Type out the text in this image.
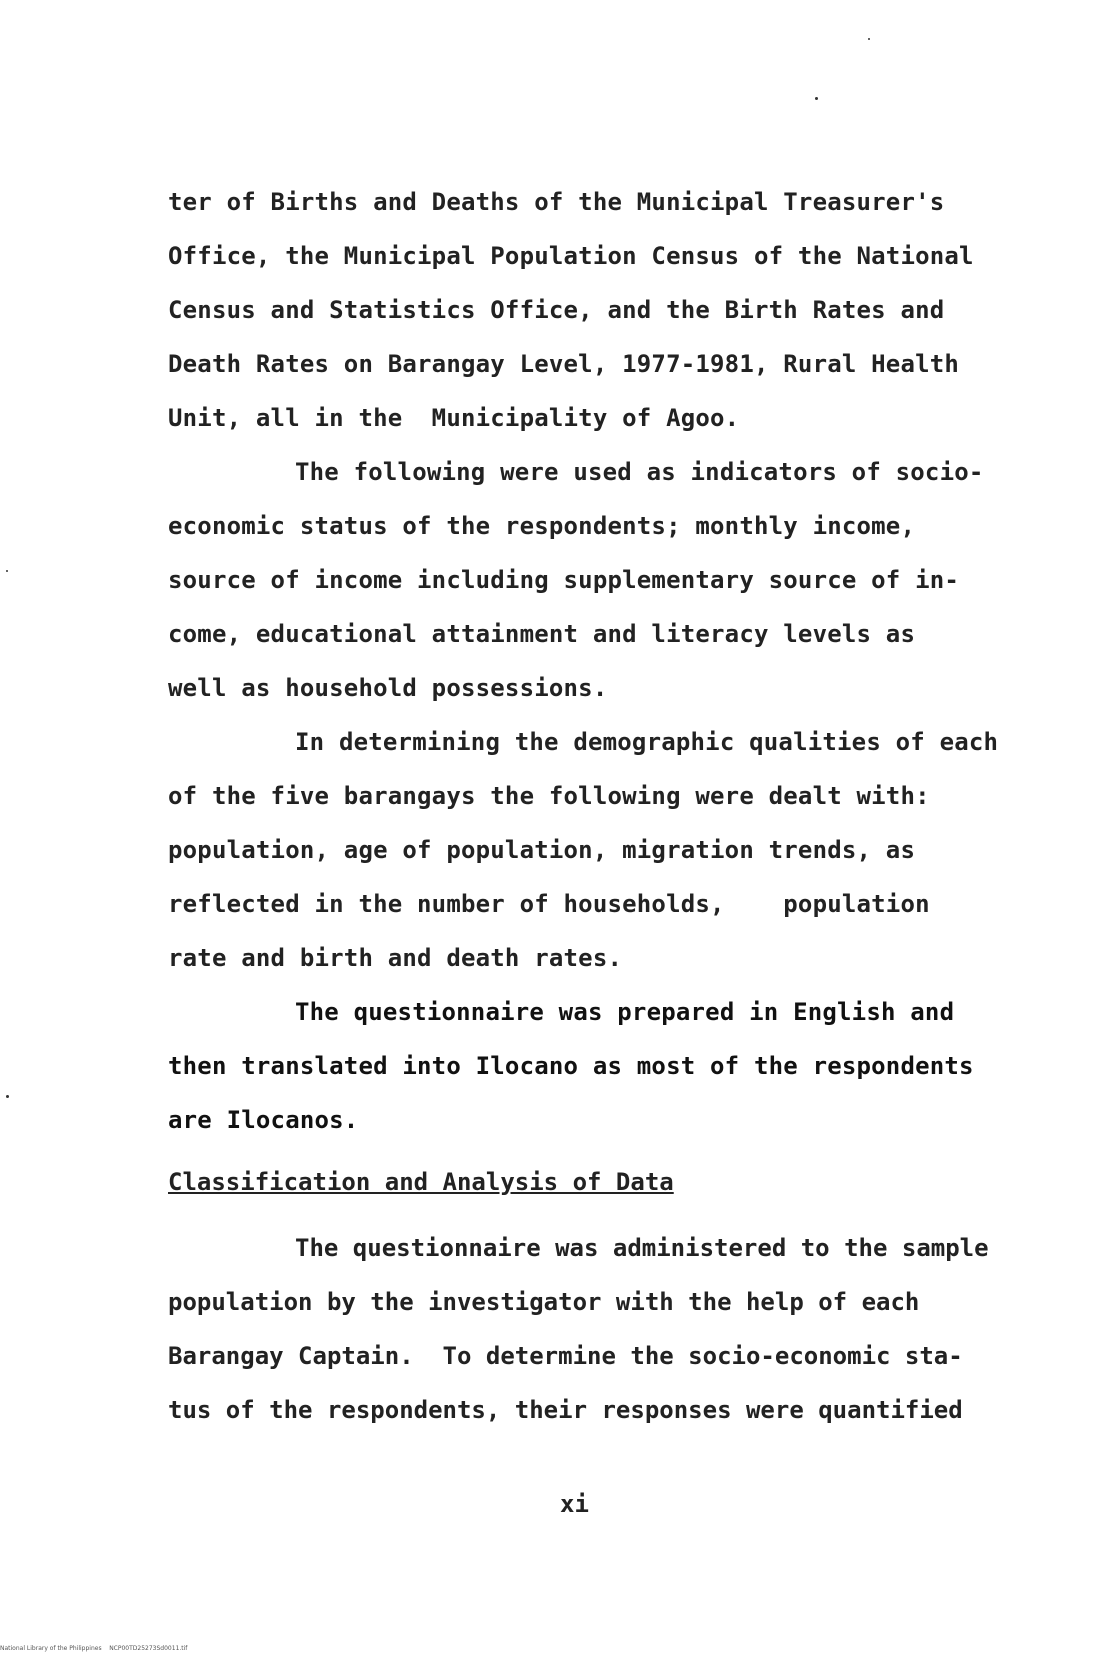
ter of Births and Deaths of the Municipal Treasurer's
Office, the Municipal Population Census of the National
Census and Statistics Office, and the Birth Rates and
Death Rates on Barangay Level, 1977-1981, Rural Health
Unit, all in the  Municipality of Agoo.
The following were used as indicators of socio-
economic status of the respondents; monthly income,
source of income including supplementary source of in-
come, educational attainment and literacy levels as
well as household possessions.
In determining the demographic qualities of each
of the five barangays the following were dealt with:
population, age of population, migration trends, as
reflected in the number of households,    population
rate and birth and death rates.
The questionnaire was prepared in English and
then translated into Ilocano as most of the respondents
are Ilocanos.
Classification and Analysis of Data
The questionnaire was administered to the sample
population by the investigator with the help of each
Barangay Captain.  To determine the socio-economic sta-
tus of the respondents, their responses were quantified
xi
National Library of the Philippines    NCP00TD25273Sd0011.tif
